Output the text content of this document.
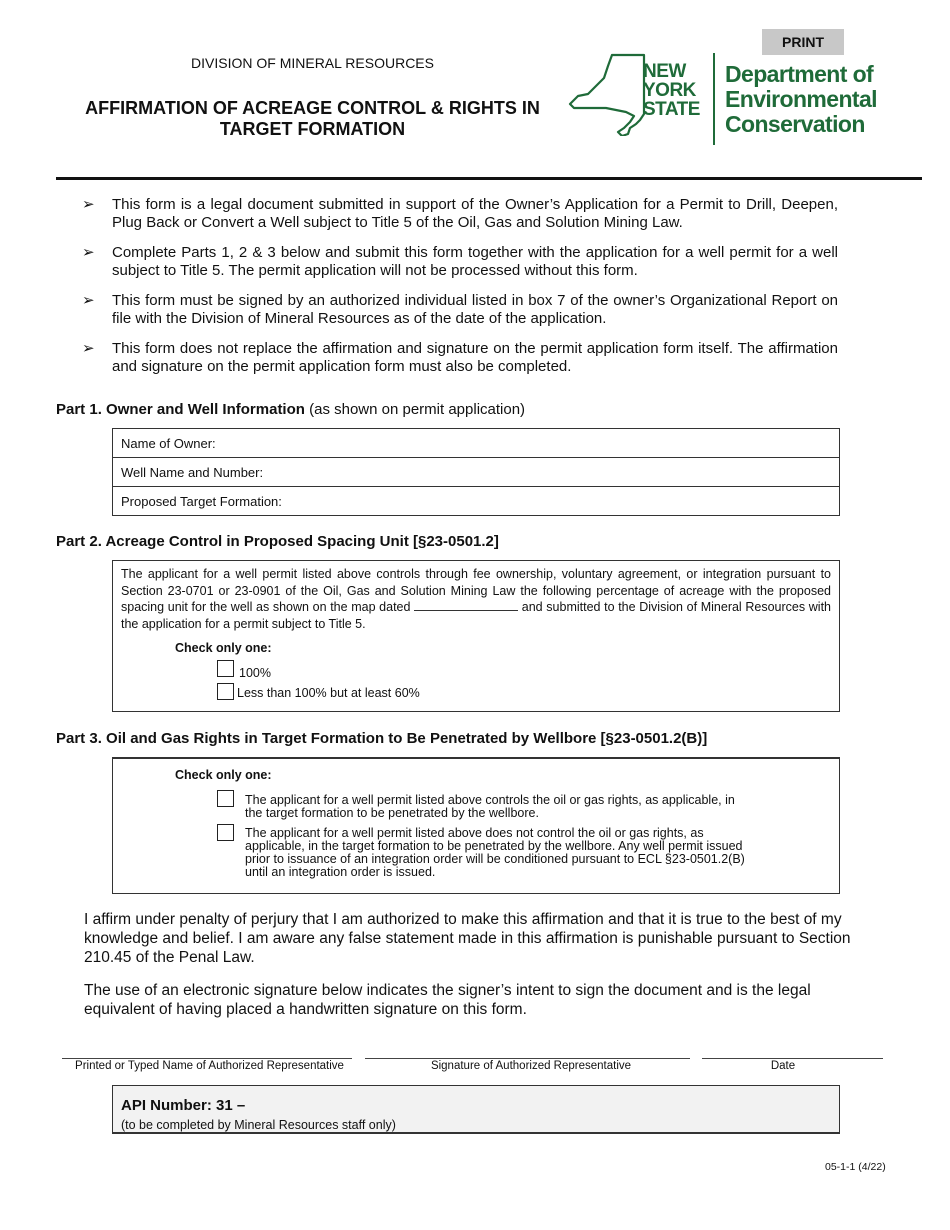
PRINT
DIVISION OF MINERAL RESOURCES
AFFIRMATION OF ACREAGE CONTROL & RIGHTS IN
TARGET FORMATION
NEW
YORK
STATE
Department of
Environmental
Conservation
➢ This form is a legal document submitted in support of the Owner’s Application for a Permit to Drill, Deepen, Plug Back or Convert a Well subject to Title 5 of the Oil, Gas and Solution Mining Law.
➢ Complete Parts 1, 2 & 3 below and submit this form together with the application for a well permit for a well subject to Title 5. The permit application will not be processed without this form.
➢ This form must be signed by an authorized individual listed in box 7 of the owner’s Organizational Report on file with the Division of Mineral Resources as of the date of the application.
➢ This form does not replace the affirmation and signature on the permit application form itself. The affirmation and signature on the permit application form must also be completed.
Part 1. Owner and Well Information (as shown on permit application)
Name of Owner:
Well Name and Number:
Proposed Target Formation:
Part 2. Acreage Control in Proposed Spacing Unit [§23-0501.2]
The applicant for a well permit listed above controls through fee ownership, voluntary agreement, or integration pursuant to Section 23-0701 or 23-0901 of the Oil, Gas and Solution Mining Law the following percentage of acreage with the proposed spacing unit for the well as shown on the map dated	and submitted to the Division of Mineral Resources with the application for a permit subject to Title 5.
Check only one:
100%
Less than 100% but at least 60%
Part 3. Oil and Gas Rights in Target Formation to Be Penetrated by Wellbore [§23-0501.2(B)]
Check only one:
The applicant for a well permit listed above controls the oil or gas rights, as applicable, in the target formation to be penetrated by the wellbore.
The applicant for a well permit listed above does not control the oil or gas rights, as applicable, in the target formation to be penetrated by the wellbore. Any well permit issued prior to issuance of an integration order will be conditioned pursuant to ECL §23-0501.2(B) until an integration order is issued.
I affirm under penalty of perjury that I am authorized to make this affirmation and that it is true to the best of my knowledge and belief. I am aware any false statement made in this affirmation is punishable pursuant to Section 210.45 of the Penal Law.
The use of an electronic signature below indicates the signer’s intent to sign the document and is the legal equivalent of having placed a handwritten signature on this form.
Printed or Typed Name of Authorized Representative	Signature of Authorized Representative	Date
API Number: 31 –
(to be completed by Mineral Resources staff only)
05-1-1 (4/22)
